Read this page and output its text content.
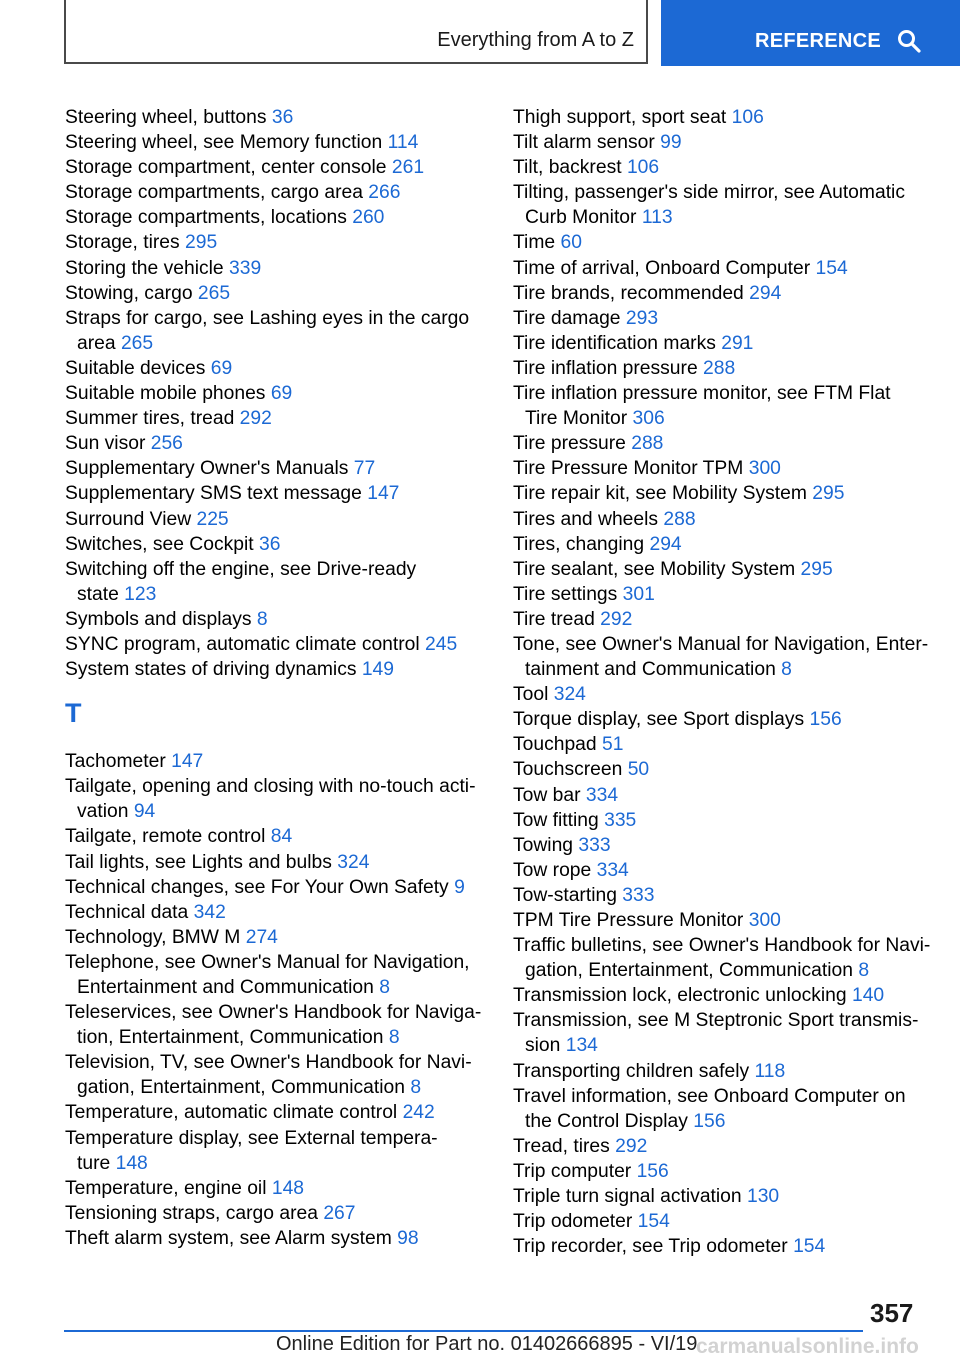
Everything from A to Z	REFERENCE

Steering wheel, buttons 36

Steering wheel, see Memory function 114

Storage compartment, center console 261

Storage compartments, cargo area 266

Storage compartments, locations 260

Storage, tires 295

Storing the vehicle 339

Stowing, cargo 265

Straps for cargo, see Lashing eyes in the cargo
area 265

Suitable devices 69

Suitable mobile phones 69

Summer tires, tread 292

Sun visor 256

Supplementary Owner's Manuals 77

Supplementary SMS text message 147

Surround View 225

Switches, see Cockpit 36

Switching off the engine, see Drive-ready
state 123

Symbols and displays 8

SYNC program, automatic climate control 245

System states of driving dynamics 149

T

Tachometer 147

Tailgate, opening and closing with no-touch acti-
vation 94

Tailgate, remote control 84

Tail lights, see Lights and bulbs 324

Technical changes, see For Your Own Safety 9

Technical data 342

Technology, BMW M 274

Telephone, see Owner's Manual for Navigation,
Entertainment and Communication 8

Teleservices, see Owner's Handbook for Naviga-
tion, Entertainment, Communication 8

Television, TV, see Owner's Handbook for Navi-
gation, Entertainment, Communication 8

Temperature, automatic climate control 242

Temperature display, see External tempera-
ture 148

Temperature, engine oil 148

Tensioning straps, cargo area 267

Theft alarm system, see Alarm system 98

Thigh support, sport seat 106

Tilt alarm sensor 99

Tilt, backrest 106

Tilting, passenger's side mirror, see Automatic
Curb Monitor 113

Time 60

Time of arrival, Onboard Computer 154

Tire brands, recommended 294

Tire damage 293

Tire identification marks 291

Tire inflation pressure 288

Tire inflation pressure monitor, see FTM Flat
Tire Monitor 306

Tire pressure 288

Tire Pressure Monitor TPM 300

Tire repair kit, see Mobility System 295

Tires and wheels 288

Tires, changing 294

Tire sealant, see Mobility System 295

Tire settings 301

Tire tread 292

Tone, see Owner's Manual for Navigation, Enter-
tainment and Communication 8

Tool 324

Torque display, see Sport displays 156

Touchpad 51

Touchscreen 50

Tow bar 334

Tow fitting 335

Towing 333

Tow rope 334

Tow-starting 333

TPM Tire Pressure Monitor 300

Traffic bulletins, see Owner's Handbook for Navi-
gation, Entertainment, Communication 8

Transmission lock, electronic unlocking 140

Transmission, see M Steptronic Sport transmis-
sion 134

Transporting children safely 118

Travel information, see Onboard Computer on
the Control Display 156

Tread, tires 292

Trip computer 156

Triple turn signal activation 130

Trip odometer 154

Trip recorder, see Trip odometer 154

357
Online Edition for Part no. 01402666895 - VI/19
carmanualsonline.info
